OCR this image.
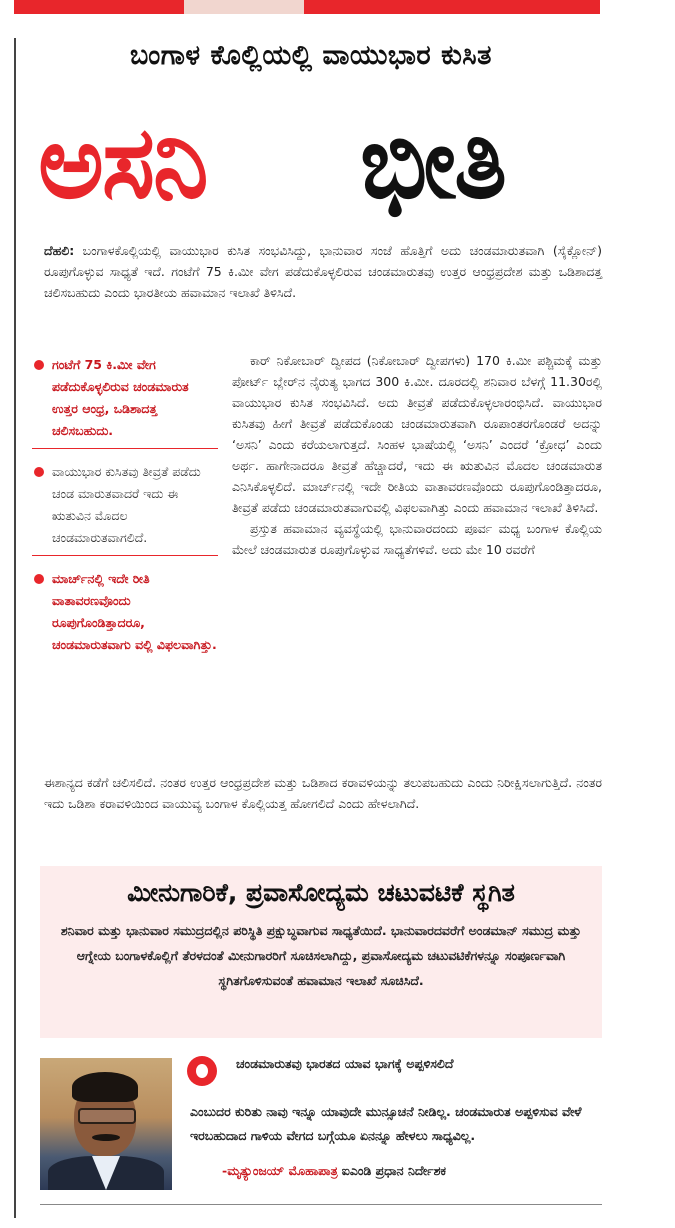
ಬಂಗಾಳ ಕೊಲ್ಲಿಯಲ್ಲಿ ವಾಯುಭಾರ ಕುಸಿತ
ಅಸನಿ ಭೀತಿ
ದೆಹಲಿ: ಬಂಗಾಳಕೊಲ್ಲಿಯಲ್ಲಿ ವಾಯುಭಾರ ಕುಸಿತ ಸಂಭವಿಸಿದ್ದು, ಭಾನುವಾರ ಸಂಜೆ ಹೊತ್ತಿಗೆ ಅದು ಚಂಡಮಾರುತವಾಗಿ (ಸೈಕ್ಲೋನ್) ರೂಪುಗೊಳ್ಳುವ ಸಾಧ್ಯತೆ ಇದೆ. ಗಂಟೆಗೆ 75 ಕಿ.ಮೀ ವೇಗ ಪಡೆದುಕೊಳ್ಳಲಿರುವ ಚಂಡಮಾರುತವು ಉತ್ತರ ಆಂಧ್ರಪ್ರದೇಶ ಮತ್ತು ಒಡಿಶಾದತ್ತ ಚಲಿಸಬಹುದು ಎಂದು ಭಾರತೀಯ ಹವಾಮಾನ ಇಲಾಖೆ ತಿಳಿಸಿದೆ.
ಗಂಟೆಗೆ 75 ಕಿ.ಮೀ ವೇಗ ಪಡೆದುಕೊಳ್ಳಲಿರುವ ಚಂಡಮಾರುತ ಉತ್ತರ ಆಂಧ್ರ, ಒಡಿಶಾದತ್ತ ಚಲಿಸಬಹುದು.
ವಾಯುಭಾರ ಕುಸಿತವು ತೀವ್ರತೆ ಪಡೆದು ಚಂಡ ಮಾರುತವಾದರೆ ಇದು ಈ ಋತುವಿನ ಮೊದಲ ಚಂಡಮಾರುತವಾಗಲಿದೆ.
ಮಾರ್ಚ್‌ನಲ್ಲಿ ಇದೇ ರೀತಿ ವಾತಾವರಣವೊಂದು ರೂಪುಗೊಂಡಿತ್ತಾದರೂ, ಚಂಡಮಾರುತವಾಗು ವಲ್ಲಿ ವಿಫಲವಾಗಿತ್ತು.

ಕಾರ್ ನಿಕೋಬಾರ್ ದ್ವೀಪದ (ನಿಕೋಬಾರ್ ದ್ವೀಪಗಳು) 170 ಕಿ.ಮೀ ಪಶ್ಚಿಮಕ್ಕೆ ಮತ್ತು ಪೋರ್ಟ್ ಬ್ಲೇರ್‌ನ ನೈರುತ್ಯ ಭಾಗದ 300 ಕಿ.ಮೀ. ದೂರದಲ್ಲಿ ಶನಿವಾರ ಬೆಳಗ್ಗೆ 11.30ರಲ್ಲಿ ವಾಯುಭಾರ ಕುಸಿತ ಸಂಭವಿಸಿದೆ. ಅದು ತೀವ್ರತೆ ಪಡೆದುಕೊಳ್ಳಲಾರಂಭಿಸಿದೆ. ವಾಯುಭಾರ ಕುಸಿತವು ಹೀಗೆ ತೀವ್ರತೆ ಪಡೆದುಕೊಂಡು ಚಂಡಮಾರುತವಾಗಿ ರೂಪಾಂತರಗೊಂಡರೆ ಅದನ್ನು ‘ಅಸನಿ’ ಎಂದು ಕರೆಯಲಾಗುತ್ತದೆ. ಸಿಂಹಳ ಭಾಷೆಯಲ್ಲಿ ‘ಅಸನಿ’ ಎಂದರೆ ‘ಕ್ರೋಧ’ ಎಂದು ಅರ್ಥ. ಹಾಗೇನಾದರೂ ತೀವ್ರತೆ ಹೆಚ್ಚಾದರೆ, ಇದು ಈ ಋತುವಿನ ಮೊದಲ ಚಂಡಮಾರುತ ಎನಿಸಿಕೊಳ್ಳಲಿದೆ. ಮಾರ್ಚ್‌ನಲ್ಲಿ ಇದೇ ರೀತಿಯ ವಾತಾವರಣವೊಂದು ರೂಪುಗೊಂಡಿತ್ತಾದರೂ, ತೀವ್ರತೆ ಪಡೆದು ಚಂಡಮಾರುತವಾಗುವಲ್ಲಿ ವಿಫಲವಾಗಿತ್ತು ಎಂದು ಹವಾಮಾನ ಇಲಾಖೆ ತಿಳಿಸಿದೆ.

ಪ್ರಸ್ತುತ ಹವಾಮಾನ ವ್ಯವಸ್ಥೆಯಲ್ಲಿ ಭಾನುವಾರದಂದು ಪೂರ್ವ ಮಧ್ಯ ಬಂಗಾಳ ಕೊಲ್ಲಿಯ ಮೇಲೆ ಚಂಡಮಾರುತ ರೂಪುಗೊಳ್ಳುವ ಸಾಧ್ಯತೆಗಳಿವೆ. ಅದು ಮೇ 10 ರವರೆಗೆ

ಈಶಾನ್ಯದ ಕಡೆಗೆ ಚಲಿಸಲಿದೆ. ನಂತರ ಉತ್ತರ ಆಂಧ್ರಪ್ರದೇಶ ಮತ್ತು ಒಡಿಶಾದ ಕರಾವಳಿಯನ್ನು ತಲುಪಬಹುದು ಎಂದು ನಿರೀಕ್ಷಿಸಲಾಗುತ್ತಿದೆ. ನಂತರ ಇದು ಒಡಿಶಾ ಕರಾವಳಿಯಿಂದ ವಾಯುವ್ಯ ಬಂಗಾಳ ಕೊಲ್ಲಿಯತ್ತ ಹೋಗಲಿದೆ ಎಂದು ಹೇಳಲಾಗಿದೆ.

ಮೀನುಗಾರಿಕೆ, ಪ್ರವಾಸೋದ್ಯಮ ಚಟುವಟಿಕೆ ಸ್ಥಗಿತ
ಶನಿವಾರ ಮತ್ತು ಭಾನುವಾರ ಸಮುದ್ರದಲ್ಲಿನ ಪರಿಸ್ಥಿತಿ ಪ್ರಕ್ಷುಬ್ಧವಾಗುವ ಸಾಧ್ಯತೆಯಿದೆ. ಭಾನುವಾರದವರೆಗೆ ಅಂಡಮಾನ್ ಸಮುದ್ರ ಮತ್ತು ಆಗ್ನೇಯ ಬಂಗಾಳಕೊಲ್ಲಿಗೆ ತೆರಳದಂತೆ ಮೀನುಗಾರರಿಗೆ ಸೂಚಿಸಲಾಗಿದ್ದು, ಪ್ರವಾಸೋದ್ಯಮ ಚಟುವಟಿಕೆಗಳನ್ನೂ ಸಂಪೂರ್ಣವಾಗಿ ಸ್ಥಗಿತಗೊಳಿಸುವಂತೆ ಹವಾಮಾನ ಇಲಾಖೆ ಸೂಚಿಸಿದೆ.
ಚಂಡಮಾರುತವು ಭಾರತದ ಯಾವ ಭಾಗಕ್ಕೆ ಅಪ್ಪಳಿಸಲಿದೆ
ಎಂಬುದರ ಕುರಿತು ನಾವು ಇನ್ನೂ ಯಾವುದೇ ಮುನ್ಸೂಚನೆ ನೀಡಿಲ್ಲ. ಚಂಡಮಾರುತ ಅಪ್ಪಳಿಸುವ ವೇಳೆ ಇರಬಹುದಾದ ಗಾಳಿಯ ವೇಗದ ಬಗ್ಗೆಯೂ ಏನನ್ನೂ ಹೇಳಲು ಸಾಧ್ಯವಿಲ್ಲ.
-ಮೃತ್ಯುಂಜಯ್ ಮೊಹಾಪಾತ್ರ ಐಎಂಡಿ ಪ್ರಧಾನ ನಿರ್ದೇಶಕ
